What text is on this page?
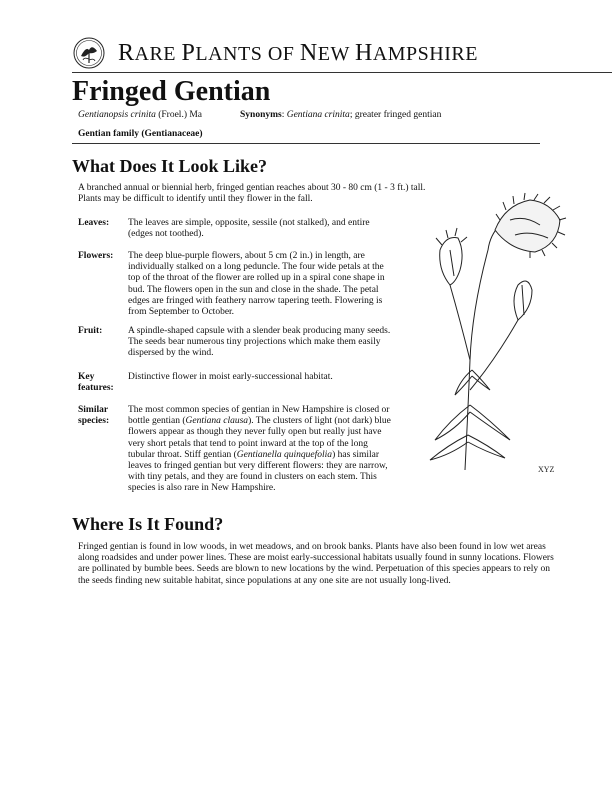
RARE PLANTS OF NEW HAMPSHIRE
Fringed Gentian
Gentianopsis crinita (Froel.) Ma	Synonyms: Gentiana crinita; greater fringed gentian
Gentian family (Gentianaceae)
What Does It Look Like?
A branched annual or biennial herb, fringed gentian reaches about 30 - 80 cm (1 - 3 ft.) tall. Plants may be difficult to identify until they flower in the fall.
Leaves:	The leaves are simple, opposite, sessile (not stalked), and entire (edges not toothed).
Flowers:	The deep blue-purple flowers, about 5 cm (2 in.) in length, are individually stalked on a long peduncle. The four wide petals at the top of the throat of the flower are rolled up in a spiral cone shape in bud. The flowers open in the sun and close in the shade. The petal edges are fringed with feathery narrow tapering teeth. Flowering is from September to October.
Fruit:	A spindle-shaped capsule with a slender beak producing many seeds. The seeds bear numerous tiny projections which make them easily dispersed by the wind.
Key features:
Distinctive flower in moist early-successional habitat.
Similar species:
The most common species of gentian in New Hampshire is closed or bottle gentian (Gentiana clausa). The clusters of light (not dark) blue flowers appear as though they never fully open but really just have very short petals that tend to point inward at the top of the long tubular throat. Stiff gentian (Gentianella quinquefolia) has similar leaves to fringed gentian but very different flowers: they are narrow, with tiny petals, and they are found in clusters on each stem. This species is also rare in New Hampshire.
XYZ
Where Is It Found?
Fringed gentian is found in low woods, in wet meadows, and on brook banks. Plants have also been found in low wet areas along roadsides and under power lines. These are moist early-successional habitats usually found in sunny locations. Flowers are pollinated by bumble bees. Seeds are blown to new locations by the wind. Perpetuation of this species appears to rely on the seeds finding new suitable habitat, since populations at any one site are not usually long-lived.
